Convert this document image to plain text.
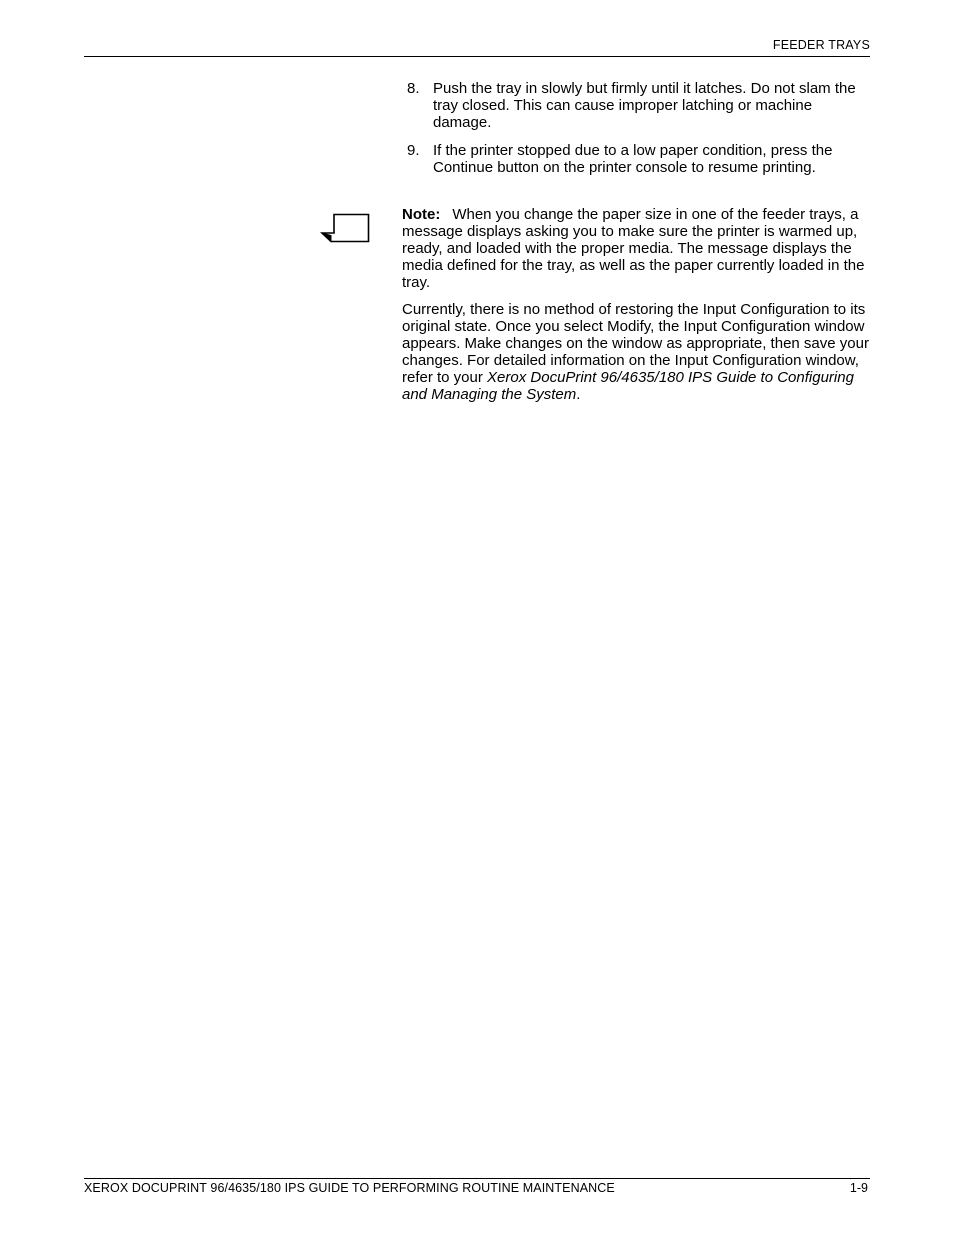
FEEDER TRAYS
8. Push the tray in slowly but firmly until it latches. Do not slam the tray closed. This can cause improper latching or machine damage.
9. If the printer stopped due to a low paper condition, press the Continue button on the printer console to resume printing.

Note: When you change the paper size in one of the feeder trays, a message displays asking you to make sure the printer is warmed up, ready, and loaded with the proper media. The message displays the media defined for the tray, as well as the paper currently loaded in the tray.

Currently, there is no method of restoring the Input Configuration to its original state. Once you select Modify, the Input Configuration window appears. Make changes on the window as appropriate, then save your changes. For detailed information on the Input Configuration window, refer to your Xerox DocuPrint 96/4635/180 IPS Guide to Configuring and Managing the System.

XEROX DOCUPRINT 96/4635/180 IPS GUIDE TO PERFORMING ROUTINE MAINTENANCE	1-9
